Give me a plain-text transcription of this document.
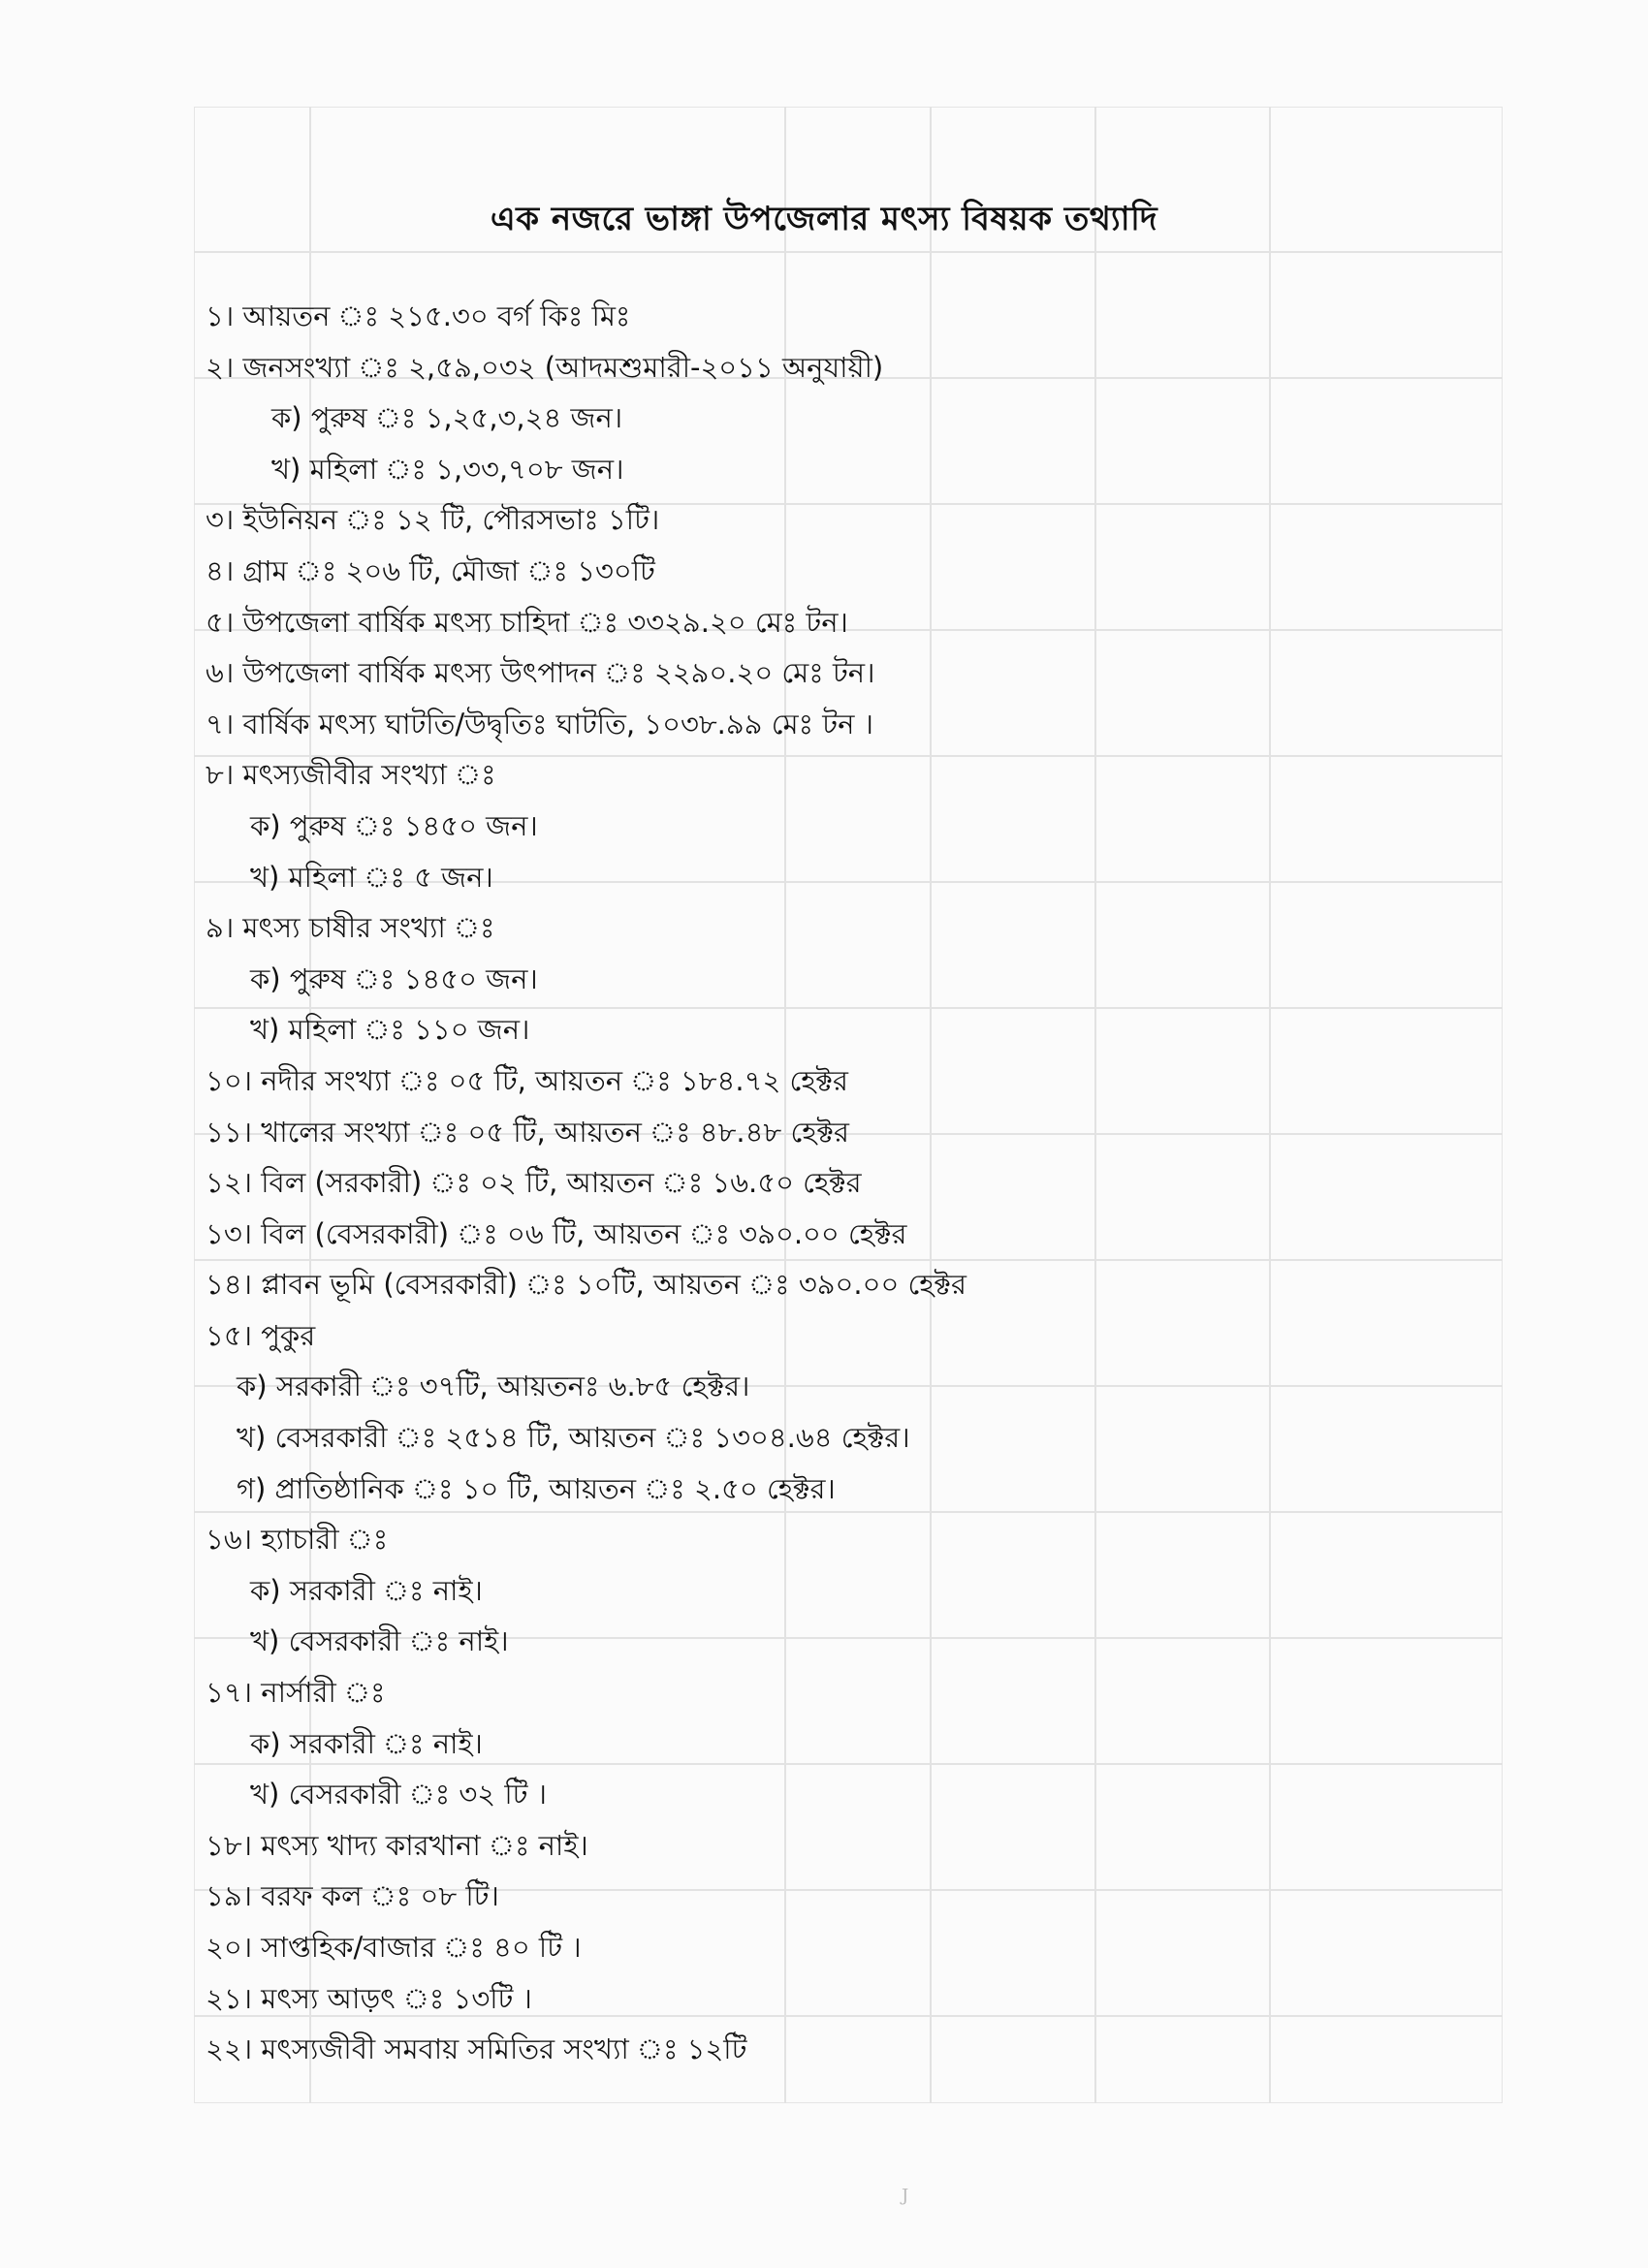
এক নজরে ভাঙ্গা উপজেলার মৎস্য বিষয়ক তথ্যাদি
১। আয়তন ঃ ২১৫.৩০ বর্গ কিঃ মিঃ
২। জনসংখ্যা ঃ ২,৫৯,০৩২ (আদমশুমারী-২০১১ অনুযায়ী)
ক) পুরুষ ঃ ১,২৫,৩,২৪ জন।
খ) মহিলা ঃ ১,৩৩,৭০৮ জন।
৩। ইউনিয়ন ঃ ১২ টি, পৌরসভাঃ ১টি।
৪। গ্রাম ঃ ২০৬ টি, মৌজা ঃ ১৩০টি
৫। উপজেলা বার্ষিক মৎস্য চাহিদা ঃ ৩৩২৯.২০ মেঃ টন।
৬। উপজেলা বার্ষিক মৎস্য উৎপাদন ঃ ২২৯০.২০ মেঃ টন।
৭। বার্ষিক মৎস্য ঘাটতি/উদ্বৃতিঃ ঘাটতি, ১০৩৮.৯৯ মেঃ টন ।
৮। মৎস্যজীবীর সংখ্যা ঃ
ক) পুরুষ ঃ ১৪৫০ জন।
খ) মহিলা ঃ ৫ জন।
৯। মৎস্য চাষীর সংখ্যা ঃ
ক) পুরুষ ঃ ১৪৫০ জন।
খ) মহিলা ঃ ১১০ জন।
১০। নদীর সংখ্যা ঃ ০৫ টি, আয়তন ঃ ১৮৪.৭২ হেক্টর
১১। খালের সংখ্যা ঃ ০৫ টি, আয়তন ঃ ৪৮.৪৮ হেক্টর
১২। বিল (সরকারী) ঃ ০২ টি, আয়তন ঃ ১৬.৫০ হেক্টর
১৩। বিল (বেসরকারী) ঃ ০৬ টি, আয়তন ঃ ৩৯০.০০ হেক্টর
১৪। প্লাবন ভূমি (বেসরকারী) ঃ ১০টি, আয়তন ঃ ৩৯০.০০ হেক্টর
১৫। পুকুর
ক) সরকারী ঃ ৩৭টি, আয়তনঃ ৬.৮৫ হেক্টর।
খ) বেসরকারী ঃ ২৫১৪ টি, আয়তন ঃ ১৩০৪.৬৪ হেক্টর।
গ) প্রাতিষ্ঠানিক ঃ ১০ টি, আয়তন ঃ ২.৫০ হেক্টর।
১৬। হ্যাচারী ঃ
ক) সরকারী ঃ নাই।
খ) বেসরকারী ঃ নাই।
১৭। নার্সারী ঃ
ক) সরকারী ঃ নাই।
খ) বেসরকারী ঃ ৩২ টি ।
১৮। মৎস্য খাদ্য কারখানা ঃ নাই।
১৯। বরফ কল ঃ ০৮ টি।
২০। সাপ্তহিক/বাজার ঃ ৪০ টি ।
২১। মৎস্য আড়ৎ ঃ ১৩টি ।
২২। মৎস্যজীবী সমবায় সমিতির সংখ্যা ঃ ১২টি
J
